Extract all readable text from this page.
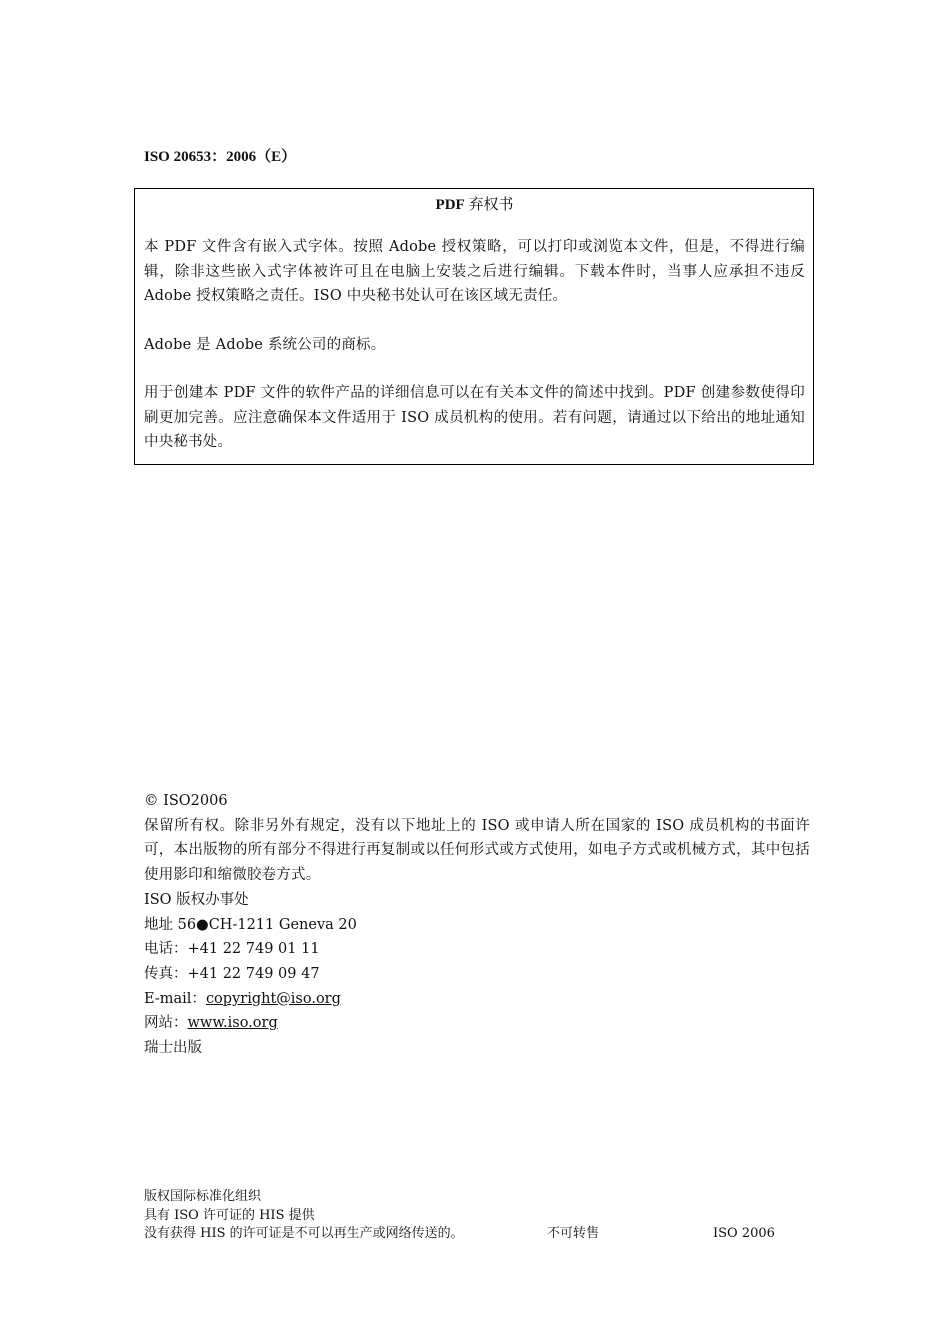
ISO 20653：2006（E）
PDF 弃权书

本 PDF 文件含有嵌入式字体。按照 Adobe 授权策略，可以打印或浏览本文件，但是，不得进行编辑，除非这些嵌入式字体被许可且在电脑上安装之后进行编辑。下载本件时，当事人应承担不违反 Adobe 授权策略之责任。ISO 中央秘书处认可在该区域无责任。

Adobe 是 Adobe 系统公司的商标。

用于创建本 PDF 文件的软件产品的详细信息可以在有关本文件的简述中找到。PDF 创建参数使得印刷更加完善。应注意确保本文件适用于 ISO 成员机构的使用。若有问题，请通过以下给出的地址通知中央秘书处。

© ISO2006
保留所有权。除非另外有规定，没有以下地址上的 ISO 或申请人所在国家的 ISO 成员机构的书面许可，本出版物的所有部分不得进行再复制或以任何形式或方式使用，如电子方式或机械方式，其中包括使用影印和缩微胶卷方式。
ISO 版权办事处
地址 56●CH-1211 Geneva 20
电话：+41 22 749 01 11
传真：+41 22 749 09 47
E-mail：copyright@iso.org
网站：www.iso.org
瑞士出版
版权国际标准化组织
具有 ISO 许可证的 HIS 提供
没有获得 HIS 的许可证是不可以再生产或网络传送的。	不可转售	ISO 2006
